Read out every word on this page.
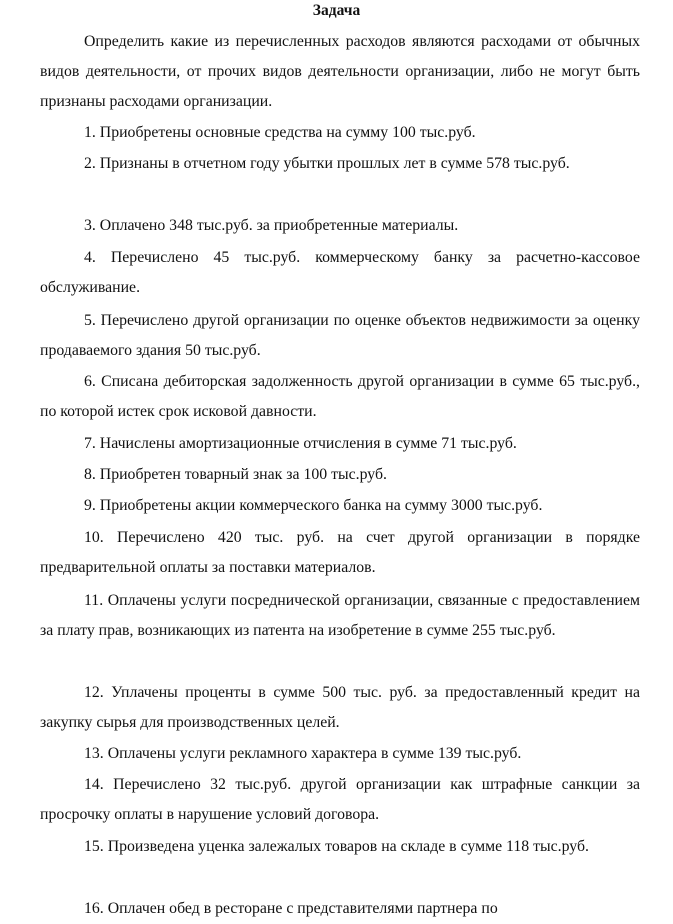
Задача
Определить какие из перечисленных расходов являются расходами от обычных видов деятельности, от прочих видов деятельности организации, либо не могут быть признаны расходами организации.
1. Приобретены основные средства на сумму 100 тыс.руб.
2. Признаны в отчетном году убытки прошлых лет в сумме 578 тыс.руб.
3. Оплачено 348 тыс.руб. за приобретенные материалы.
4. Перечислено 45 тыс.руб. коммерческому банку за расчетно-кассовое обслуживание.
5. Перечислено другой организации по оценке объектов недвижимости за оценку продаваемого здания 50 тыс.руб.
6. Списана дебиторская задолженность другой организации в сумме 65 тыс.руб., по которой истек срок исковой давности.
7. Начислены амортизационные отчисления в сумме 71 тыс.руб.
8. Приобретен товарный знак за 100 тыс.руб.
9. Приобретены акции коммерческого банка на сумму 3000 тыс.руб.
10. Перечислено 420 тыс. руб. на счет другой организации в порядке предварительной оплаты за поставки материалов.
11. Оплачены услуги посреднической организации, связанные с предоставлением за плату прав, возникающих из патента на изобретение в сумме 255 тыс.руб.
12. Уплачены проценты в сумме 500 тыс. руб. за предоставленный кредит на закупку сырья для производственных целей.
13. Оплачены услуги рекламного характера в сумме 139 тыс.руб.
14. Перечислено 32 тыс.руб. другой организации как штрафные санкции за просрочку оплаты в нарушение условий договора.
15. Произведена уценка залежалых товаров на складе в сумме 118 тыс.руб.
16. Оплачен обед в ресторане с представителями партнера по
